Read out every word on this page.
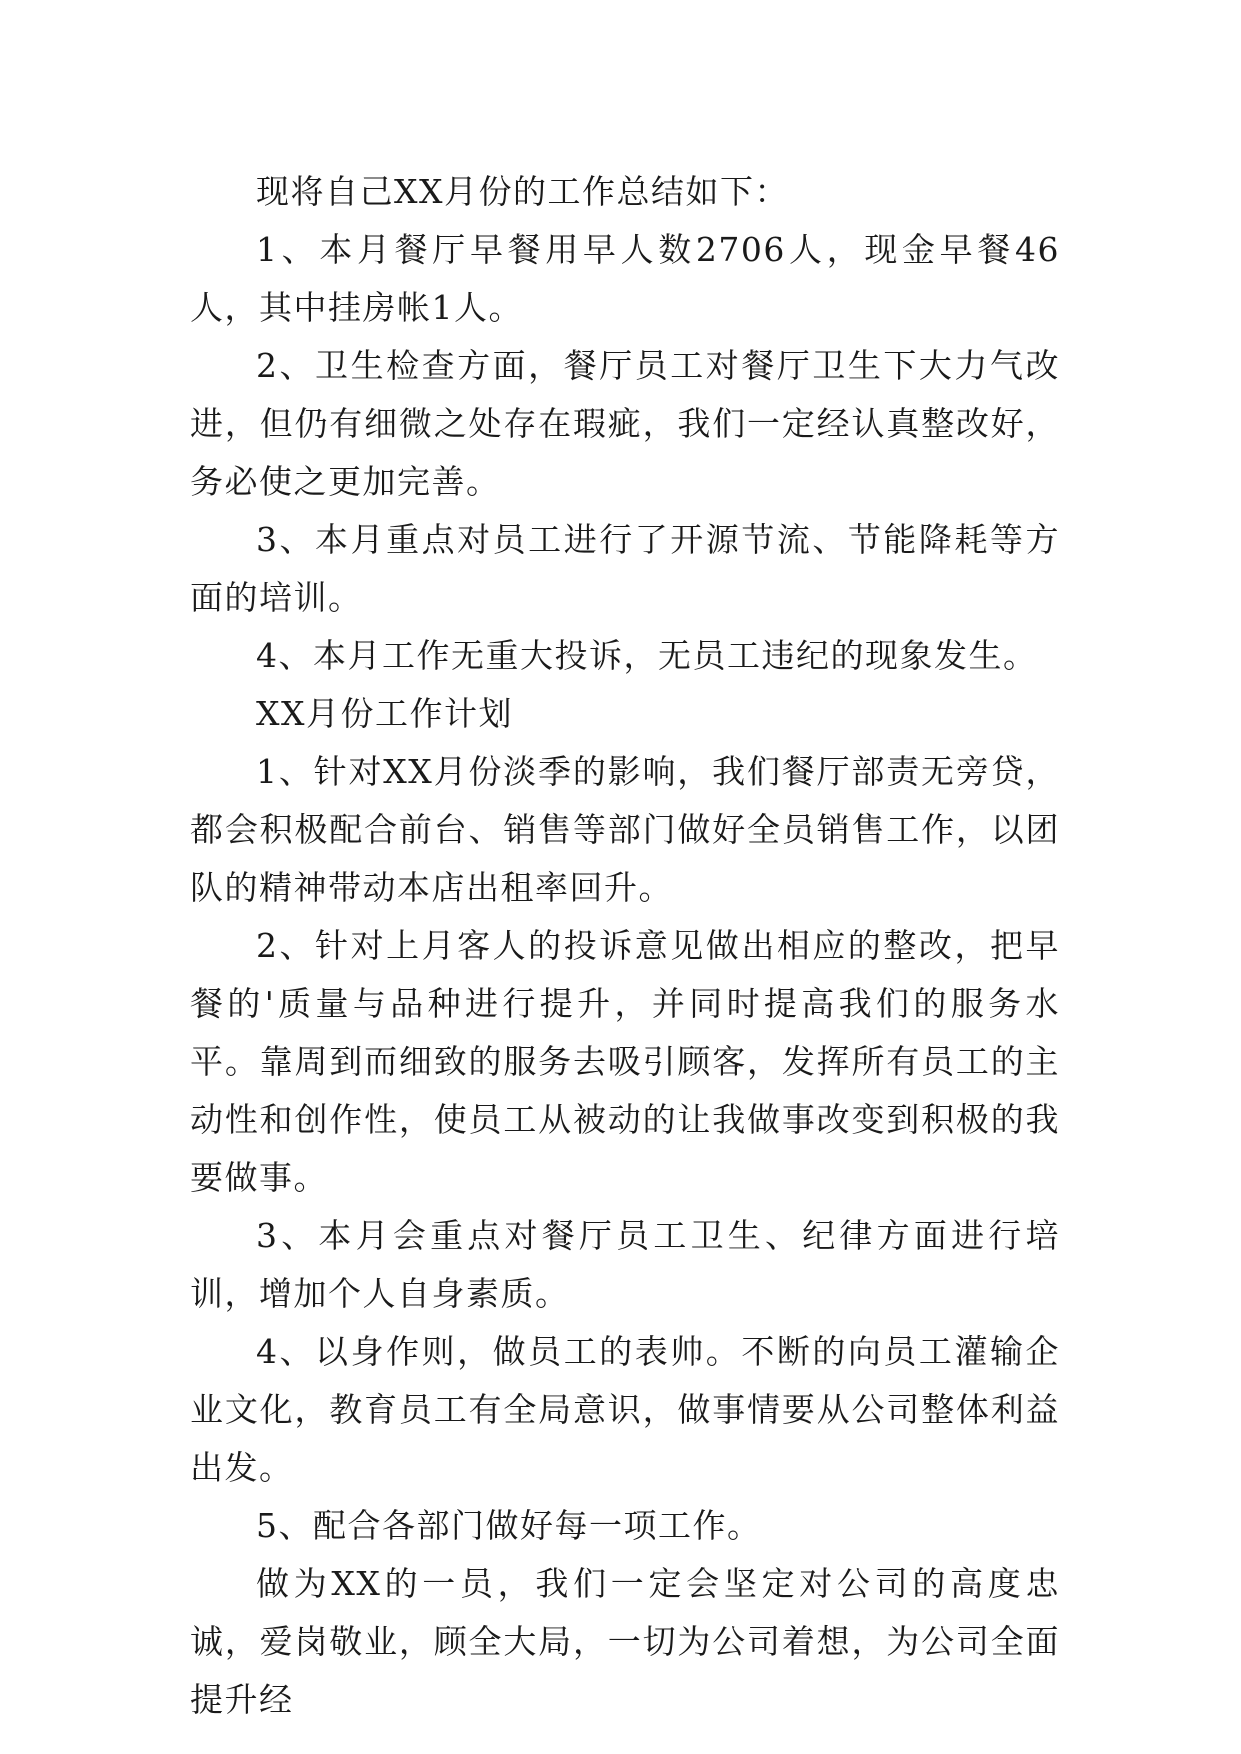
现将自己XX月份的工作总结如下：

1、本月餐厅早餐用早人数2706人，现金早餐46人，其中挂房帐1人。

2、卫生检查方面，餐厅员工对餐厅卫生下大力气改进，但仍有细微之处存在瑕疵，我们一定经认真整改好，务必使之更加完善。

3、本月重点对员工进行了开源节流、节能降耗等方面的培训。

4、本月工作无重大投诉，无员工违纪的现象发生。

XX月份工作计划

1、针对XX月份淡季的影响，我们餐厅部责无旁贷，都会积极配合前台、销售等部门做好全员销售工作，以团队的精神带动本店出租率回升。

2、针对上月客人的投诉意见做出相应的整改，把早餐的'质量与品种进行提升，并同时提高我们的服务水平。靠周到而细致的服务去吸引顾客，发挥所有员工的主动性和创作性，使员工从被动的让我做事改变到积极的我要做事。

3、本月会重点对餐厅员工卫生、纪律方面进行培训，增加个人自身素质。

4、以身作则，做员工的表帅。不断的向员工灌输企业文化，教育员工有全局意识，做事情要从公司整体利益出发。

5、配合各部门做好每一项工作。

做为XX的一员，我们一定会坚定对公司的高度忠诚，爱岗敬业，顾全大局，一切为公司着想，为公司全面提升经
